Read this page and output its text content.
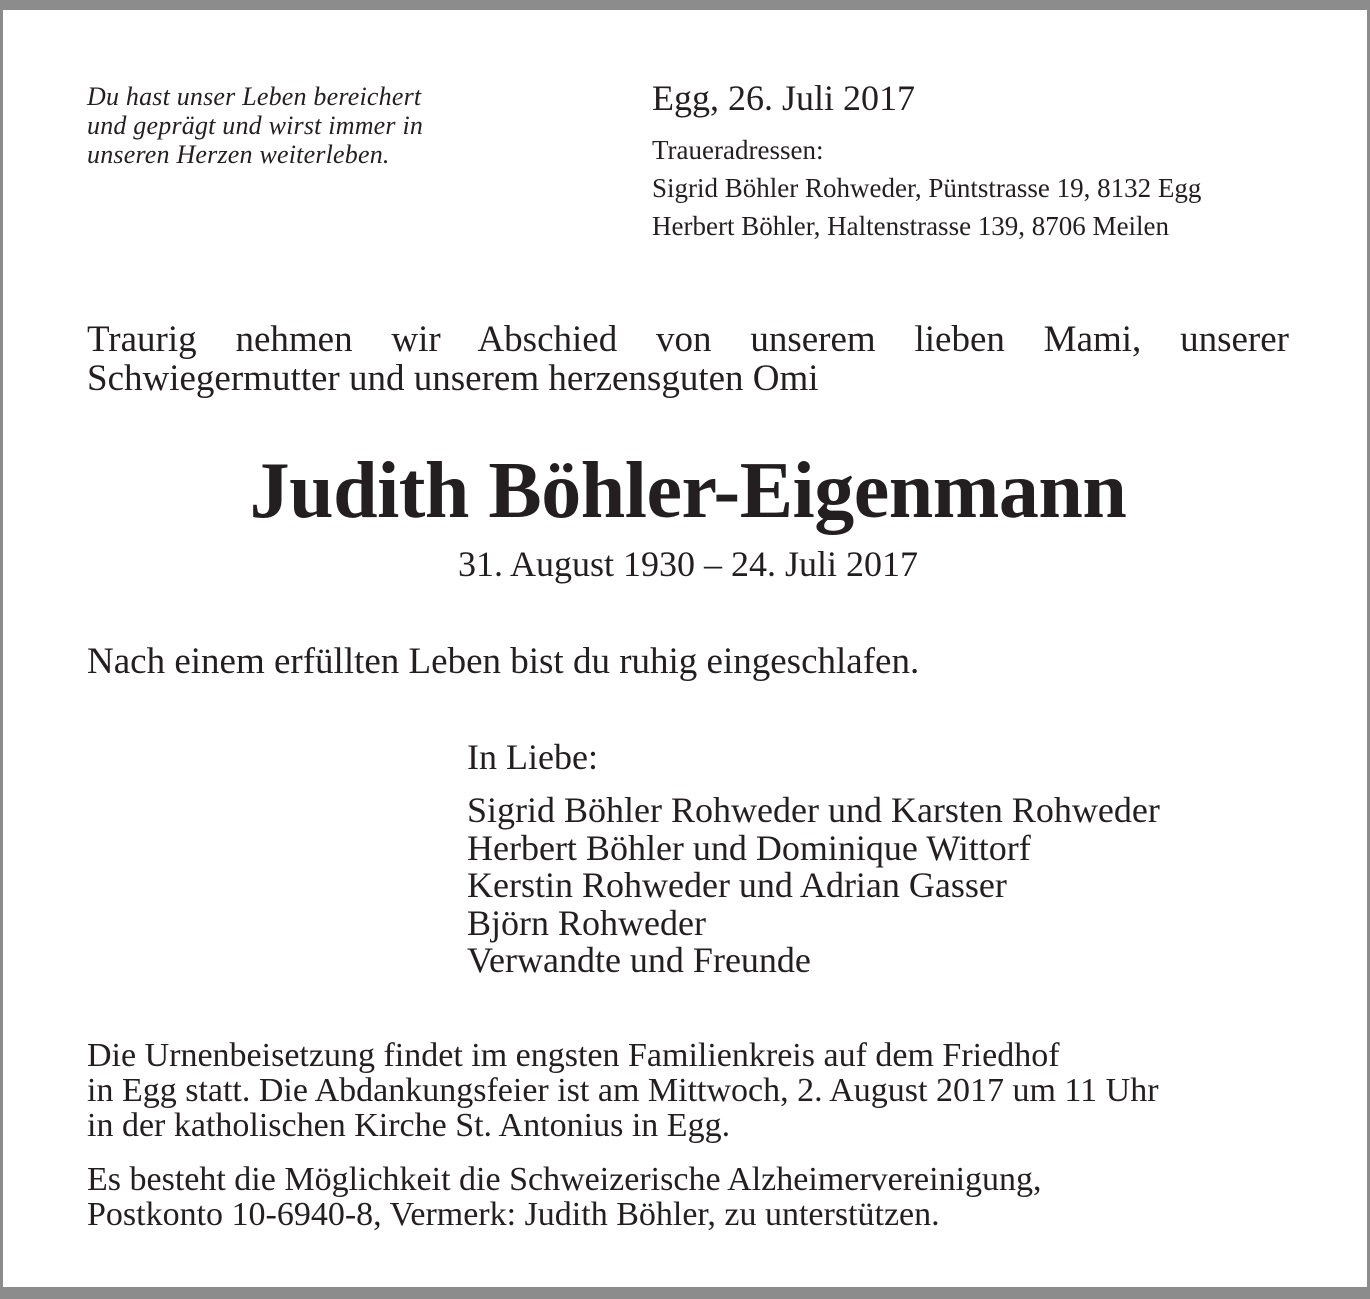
Du hast unser Leben bereichert
und geprägt und wirst immer in
unseren Herzen weiterleben.
Egg, 26. Juli 2017
Traueradressen:
Sigrid Böhler Rohweder, Püntstrasse 19, 8132 Egg
Herbert Böhler, Haltenstrasse 139, 8706 Meilen
Traurig nehmen wir Abschied von unserem lieben Mami, unserer
Schwiegermutter und unserem herzensguten Omi
Judith Böhler-Eigenmann
31. August 1930 – 24. Juli 2017
Nach einem erfüllten Leben bist du ruhig eingeschlafen.
In Liebe:
Sigrid Böhler Rohweder und Karsten Rohweder
Herbert Böhler und Dominique Wittorf
Kerstin Rohweder und Adrian Gasser
Björn Rohweder
Verwandte und Freunde
Die Urnenbeisetzung findet im engsten Familienkreis auf dem Friedhof
in Egg statt. Die Abdankungsfeier ist am Mittwoch, 2. August 2017 um 11 Uhr
in der katholischen Kirche St. Antonius in Egg.
Es besteht die Möglichkeit die Schweizerische Alzheimervereinigung,
Postkonto 10-6940-8, Vermerk: Judith Böhler, zu unterstützen.
